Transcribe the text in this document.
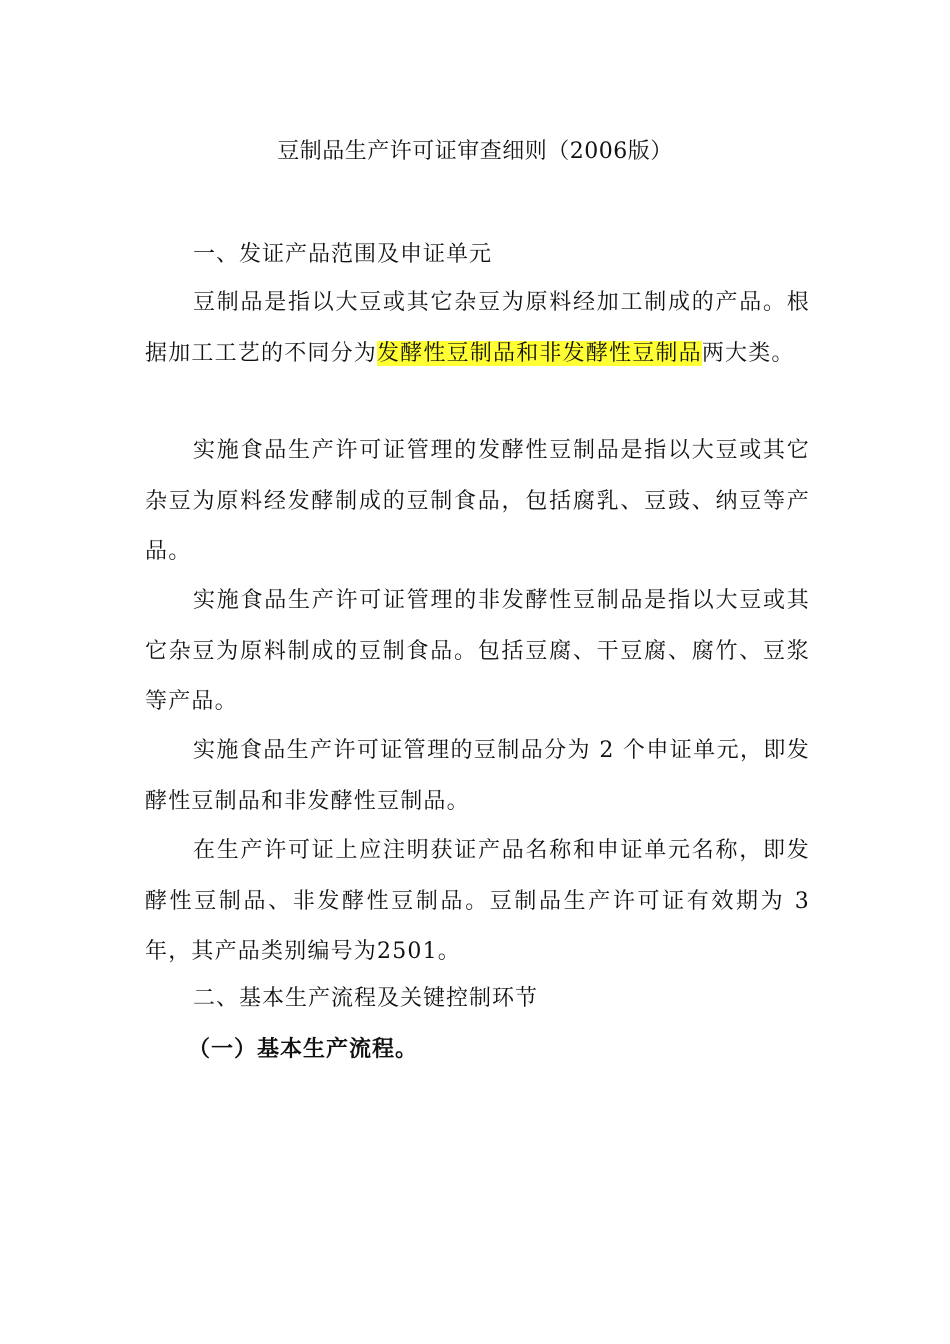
豆制品生产许可证审查细则（2006版）

一、发证产品范围及申证单元

豆制品是指以大豆或其它杂豆为原料经加工制成的产品。根据加工工艺的不同分为发酵性豆制品和非发酵性豆制品两大类。

实施食品生产许可证管理的发酵性豆制品是指以大豆或其它杂豆为原料经发酵制成的豆制食品，包括腐乳、豆豉、纳豆等产品。

实施食品生产许可证管理的非发酵性豆制品是指以大豆或其它杂豆为原料制成的豆制食品。包括豆腐、干豆腐、腐竹、豆浆等产品。

实施食品生产许可证管理的豆制品分为 2 个申证单元，即发酵性豆制品和非发酵性豆制品。

在生产许可证上应注明获证产品名称和申证单元名称，即发酵性豆制品、非发酵性豆制品。豆制品生产许可证有效期为 3 年，其产品类别编号为2501。

二、基本生产流程及关键控制环节

（一）基本生产流程。
